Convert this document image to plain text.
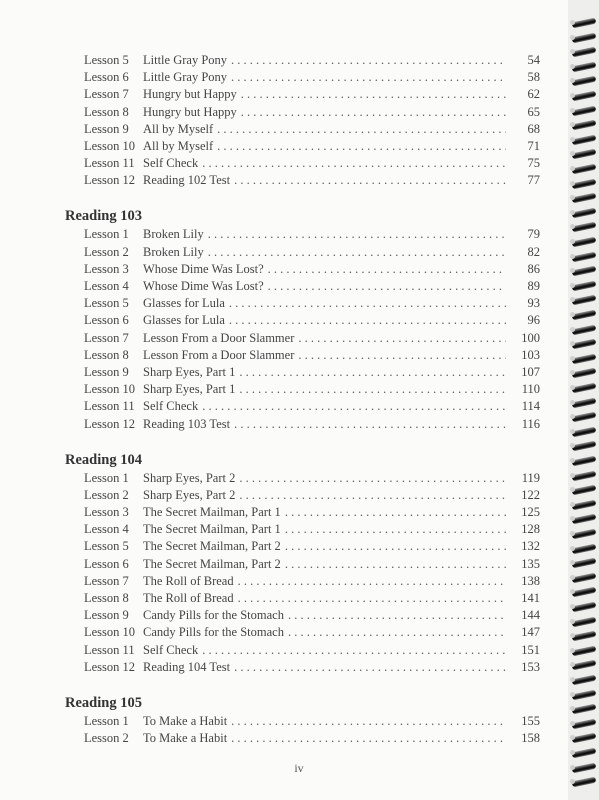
Lesson 5	Little Gray Pony . . .	54
Lesson 6	Little Gray Pony . . .	58
Lesson 7	Hungry but Happy . . .	62
Lesson 8	Hungry but Happy . . .	65
Lesson 9	All by Myself . . .	68
Lesson 10 All by Myself . . .	71
Lesson 11 Self Check . . .	75
Lesson 12 Reading 102 Test . . .	77
Reading 103
Lesson 1	Broken Lily . . .	79
Lesson 2	Broken Lily . . .	82
Lesson 3	Whose Dime Was Lost? . . .	86
Lesson 4	Whose Dime Was Lost? . . .	89
Lesson 5	Glasses for Lula . . .	93
Lesson 6	Glasses for Lula . . .	96
Lesson 7	Lesson From a Door Slammer . . .	100
Lesson 8	Lesson From a Door Slammer . . .	103
Lesson 9	Sharp Eyes, Part 1 . . .	107
Lesson 10 Sharp Eyes, Part 1 . . .	110
Lesson 11 Self Check . . .	114
Lesson 12 Reading 103 Test . . .	116
Reading 104
Lesson 1	Sharp Eyes, Part 2 . . .	119
Lesson 2	Sharp Eyes, Part 2 . . .	122
Lesson 3	The Secret Mailman, Part 1 . . .	125
Lesson 4	The Secret Mailman, Part 1 . . .	128
Lesson 5	The Secret Mailman, Part 2 . . .	132
Lesson 6	The Secret Mailman, Part 2 . . .	135
Lesson 7	The Roll of Bread . . .	138
Lesson 8	The Roll of Bread . . .	141
Lesson 9	Candy Pills for the Stomach . . .	144
Lesson 10 Candy Pills for the Stomach . . .	147
Lesson 11 Self Check . . .	151
Lesson 12 Reading 104 Test . . .	153
Reading 105
Lesson 1	To Make a Habit . . .	155
Lesson 2	To Make a Habit . . .	158
iv
